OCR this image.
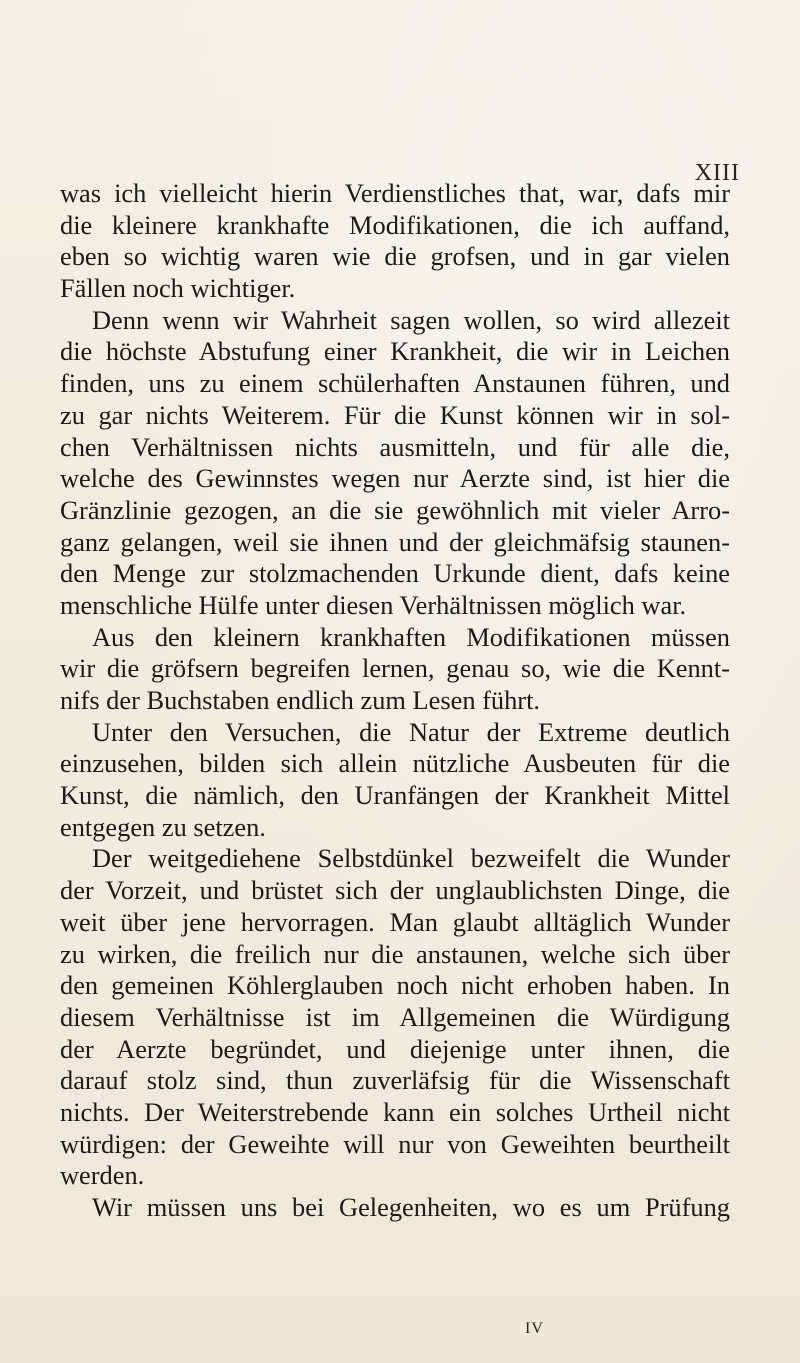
XIII
was ich vielleicht hierin Verdienstliches that, war, dafs mir
die kleinere krankhafte Modifikationen, die ich auffand,
eben so wichtig waren wie die grofsen, und in gar vielen
Fällen noch wichtiger.
Denn wenn wir Wahrheit sagen wollen, so wird allezeit
die höchste Abstufung einer Krankheit, die wir in Leichen
finden, uns zu einem schülerhaften Anstaunen führen, und
zu gar nichts Weiterem. Für die Kunst können wir in sol-
chen Verhältnissen nichts ausmitteln, und für alle die,
welche des Gewinnstes wegen nur Aerzte sind, ist hier die
Gränzlinie gezogen, an die sie gewöhnlich mit vieler Arro-
ganz gelangen, weil sie ihnen und der gleichmäfsig staunen-
den Menge zur stolzmachenden Urkunde dient, dafs keine
menschliche Hülfe unter diesen Verhältnissen möglich war.
Aus den kleinern krankhaften Modifikationen müssen
wir die gröfsern begreifen lernen, genau so, wie die Kennt-
nifs der Buchstaben endlich zum Lesen führt.
Unter den Versuchen, die Natur der Extreme deutlich
einzusehen, bilden sich allein nützliche Ausbeuten für die
Kunst, die nämlich, den Uranfängen der Krankheit Mittel
entgegen zu setzen.
Der weitgediehene Selbstdünkel bezweifelt die Wunder
der Vorzeit, und brüstet sich der unglaublichsten Dinge, die
weit über jene hervorragen. Man glaubt alltäglich Wunder
zu wirken, die freilich nur die anstaunen, welche sich über
den gemeinen Köhlerglauben noch nicht erhoben haben. In
diesem Verhältnisse ist im Allgemeinen die Würdigung
der Aerzte begründet, und diejenige unter ihnen, die
darauf stolz sind, thun zuverläfsig für die Wissenschaft
nichts. Der Weiterstrebende kann ein solches Urtheil nicht
würdigen: der Geweihte will nur von Geweihten beurtheilt
werden.
Wir müssen uns bei Gelegenheiten, wo es um Prüfung
IV
